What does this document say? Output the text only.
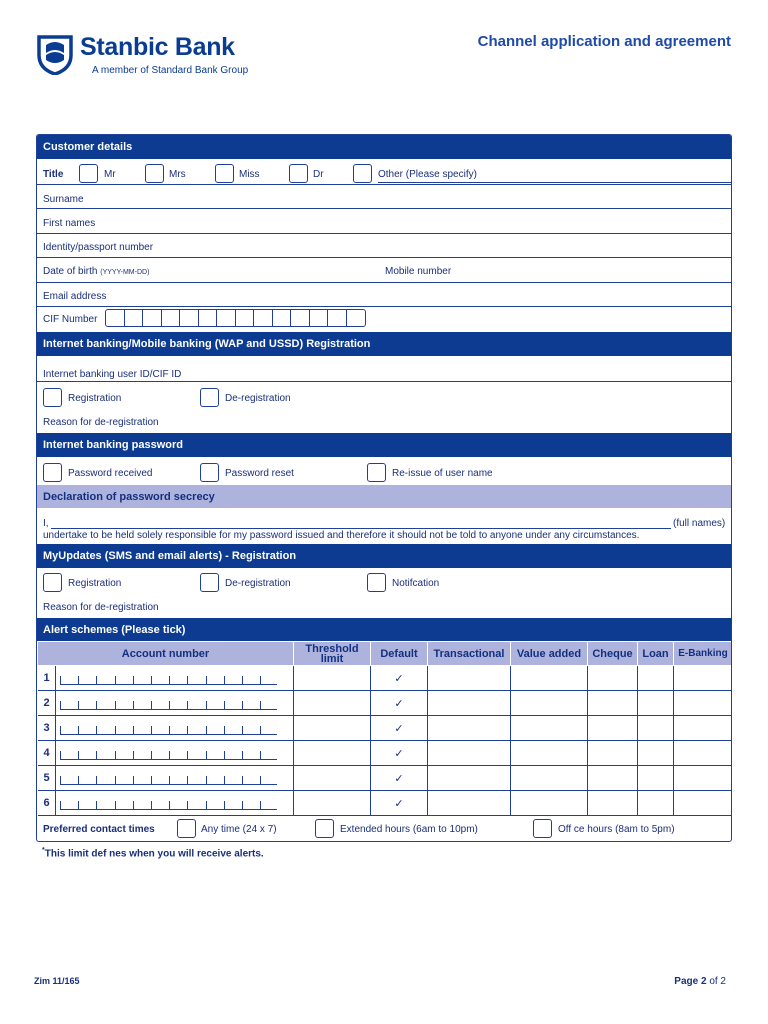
Stanbic Bank
A member of Standard Bank Group
Channel application and agreement
Customer details
Title	Mr	Mrs	Miss	Dr	Other (Please specify)
Surname
First names
Identity/passport number
Date of birth (YYYY-MM-DD)	Mobile number
Email address
CIF Number
Internet banking/Mobile banking (WAP and USSD) Registration
Internet banking user ID/CIF ID
Registration	De-registration
Reason for de-registration
Internet banking password
Password received	Password reset	Re-issue of user name
Declaration of password secrecy
I,	(full names)
undertake to be held solely responsible for my password issued and therefore it should not be told to anyone under any circumstances.
MyUpdates (SMS and email alerts) - Registration
Registration	De-registration	Notifcation
Reason for de-registration
Alert schemes (Please tick)
Account number		Threshold limit	Default	Transactional	Value added	Cheque	Loan	E-Banking
1			✓					
2			✓					
3			✓					
4			✓					
5			✓					
6			✓					
Preferred contact times	Any time (24 x 7)	Extended hours (6am to 10pm)	Off ce hours (8am to 5pm)
*This limit def nes when you will receive alerts.
Zim 11/165	Page 2 of 2
